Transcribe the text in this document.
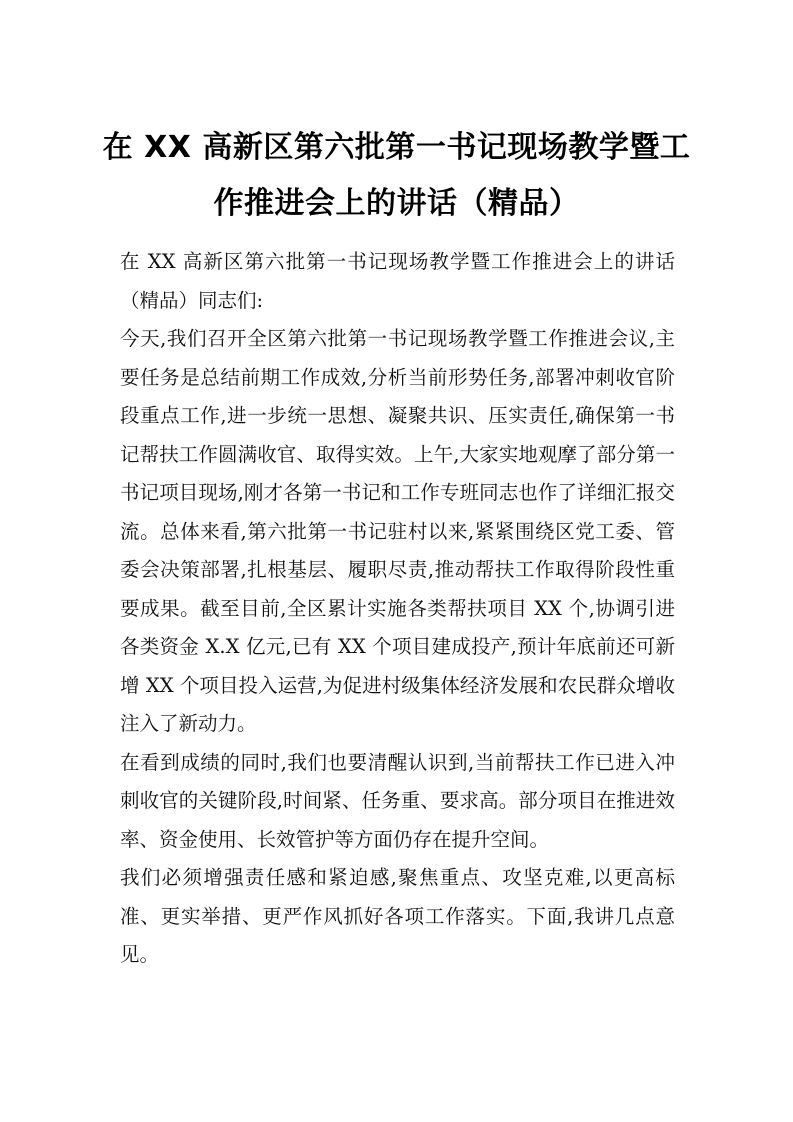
在 XX 高新区第六批第一书记现场教学暨工
作推进会上的讲话（精品）

在 XX 高新区第六批第一书记现场教学暨工作推进会上的讲话（精品）同志们:

今天,我们召开全区第六批第一书记现场教学暨工作推进会议,主要任务是总结前期工作成效,分析当前形势任务,部署冲刺收官阶段重点工作,进一步统一思想、凝聚共识、压实责任,确保第一书记帮扶工作圆满收官、取得实效。上午,大家实地观摩了部分第一书记项目现场,刚才各第一书记和工作专班同志也作了详细汇报交流。总体来看,第六批第一书记驻村以来,紧紧围绕区党工委、管委会决策部署,扎根基层、履职尽责,推动帮扶工作取得阶段性重要成果。截至目前,全区累计实施各类帮扶项目 XX 个,协调引进各类资金 X.X 亿元,已有 XX 个项目建成投产,预计年底前还可新增 XX 个项目投入运营,为促进村级集体经济发展和农民群众增收注入了新动力。

在看到成绩的同时,我们也要清醒认识到,当前帮扶工作已进入冲刺收官的关键阶段,时间紧、任务重、要求高。部分项目在推进效率、资金使用、长效管护等方面仍存在提升空间。

我们必须增强责任感和紧迫感,聚焦重点、攻坚克难,以更高标准、更实举措、更严作风抓好各项工作落实。下面,我讲几点意见。
